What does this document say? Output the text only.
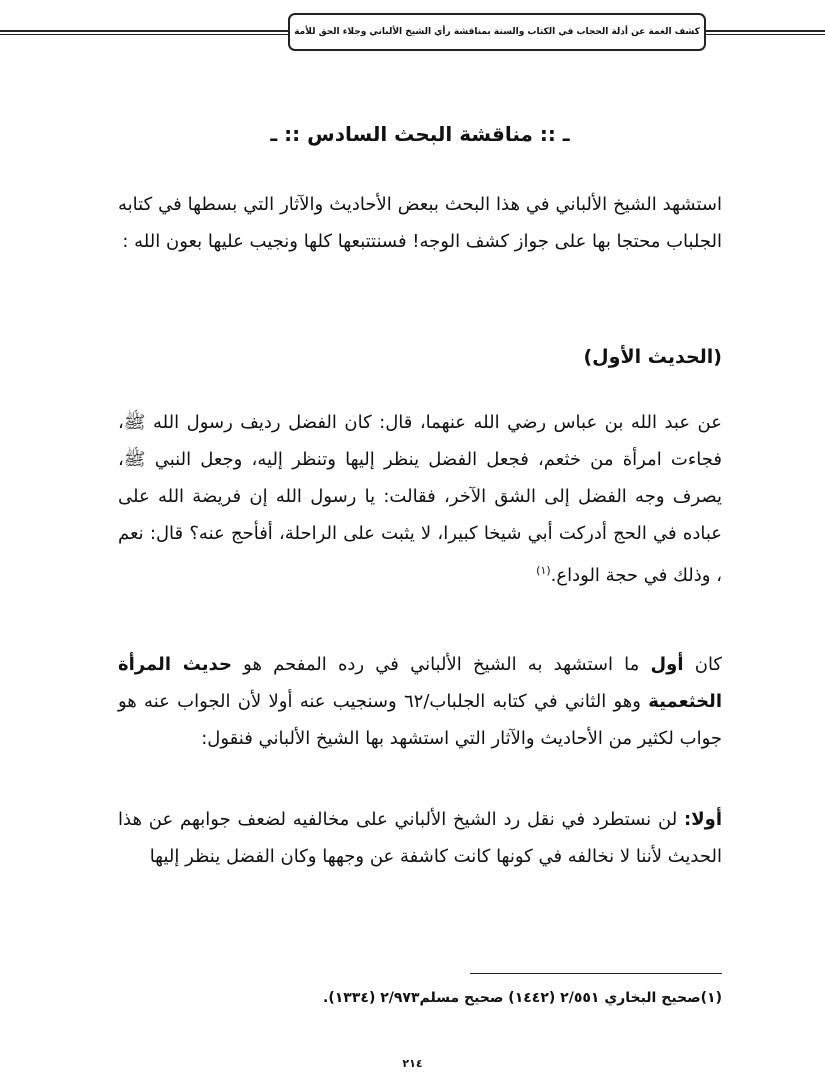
كشف الغمة عن أدلة الحجاب في الكتاب والسنة بمناقشة رأي الشيخ الألباني وجلاء الحق للأمة
ـ :: مناقشة البحث السادس :: ـ

استشهد الشيخ الألباني في هذا البحث ببعض الأحاديث والآثار التي بسطها في كتابه الجلباب محتجا بها على جواز كشف الوجه! فسنتتبعها كلها ونجيب عليها بعون الله :

(الحديث الأول)

عن عبد الله بن عباس رضي الله عنهما، قال: كان الفضل رديف رسول الله ﷺ، فجاءت امرأة من خثعم، فجعل الفضل ينظر إليها وتنظر إليه، وجعل النبي ﷺ، يصرف وجه الفضل إلى الشق الآخر، فقالت: يا رسول الله إن فريضة الله على عباده في الحج أدركت أبي شيخا كبيرا، لا يثبت على الراحلة، أفأحج عنه؟ قال: نعم ، وذلك في حجة الوداع.$^{(١)}$

كان أول ما استشهد به الشيخ الألباني في رده المفحم هو حديث المرأة الخثعمية وهو الثاني في كتابه الجلباب/٦٢ وسنجيب عنه أولا لأن الجواب عنه هو جواب لكثير من الأحاديث والآثار التي استشهد بها الشيخ الألباني فنقول:

أولا: لن نستطرد في نقل رد الشيخ الألباني على مخالفيه لضعف جوابهم عن هذا الحديث لأننا لا نخالفه في كونها كانت كاشفة عن وجهها وكان الفضل ينظر إليها

(١)صحيح البخاري ٢/٥٥١ (١٤٤٢) صحيح مسلم٢/٩٧٣ (١٣٣٤).
٢١٤
